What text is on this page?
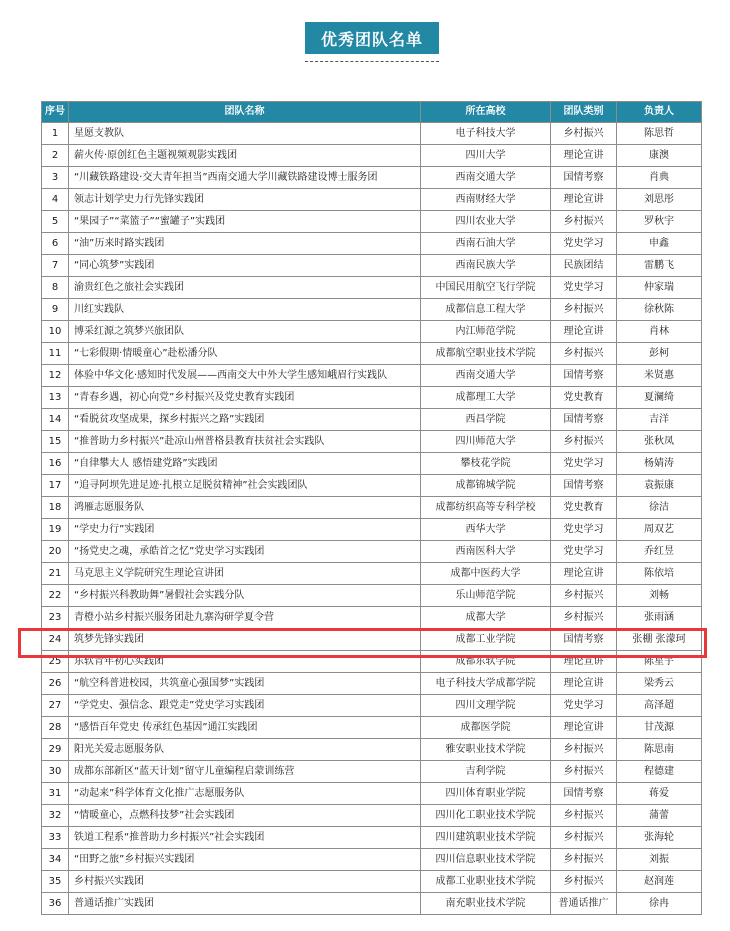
优秀团队名单
序号	团队名称	所在高校	团队类别	负责人
1	星愿支教队	电子科技大学	乡村振兴	陈思哲
2	薪火传·原创红色主题视频观影实践团	四川大学	理论宣讲	康澳
3	“川藏铁路建设·交大青年担当”西南交通大学川藏铁路建设博士服务团	西南交通大学	国情考察	肖典
4	领志计划学史力行先锋实践团	西南财经大学	理论宣讲	刘思彤
5	“果园子”“菜篮子”“蜜罐子”实践团	四川农业大学	乡村振兴	罗秋宇
6	“油”历来时路实践团	西南石油大学	党史学习	申鑫
7	“同心筑梦”实践团	西南民族大学	民族团结	雷鹏飞
8	渝贵红色之旅社会实践团	中国民用航空飞行学院	党史学习	仲家瑞
9	川红实践队	成都信息工程大学	乡村振兴	徐秋陈
10	博采红源之筑梦兴旅团队	内江师范学院	理论宣讲	肖林
11	“七彩假期·情暖童心”赴松潘分队	成都航空职业技术学院	乡村振兴	彭柯
12	体验中华文化·感知时代发展——西南交大中外大学生感知峨眉行实践队	西南交通大学	国情考察	米贤惠
13	“青春乡遇，初心向党”乡村振兴及党史教育实践团	成都理工大学	党史教育	夏澜绮
14	“看脱贫攻坚成果，探乡村振兴之路”实践团	西昌学院	国情考察	吉洋
15	“推普助力乡村振兴”赴凉山州普格县教育扶贫社会实践队	四川师范大学	乡村振兴	张秋凤
16	“自律攀大人 感悟建党路”实践团	攀枝花学院	党史学习	杨婧涛
17	“追寻阿坝先进足迹·扎根立足脱贫精神”社会实践团队	成都锦城学院	国情考察	袁振康
18	鸿雁志愿服务队	成都纺织高等专科学校	党史教育	徐洁
19	“学史力行”实践团	西华大学	党史学习	周双艺
20	“扬党史之魂，承皓首之忆”党史学习实践团	西南医科大学	党史学习	乔红昱
21	马克思主义学院研究生理论宣讲团	成都中医药大学	理论宣讲	陈依培
22	“乡村振兴科教助舞”暑假社会实践分队	乐山师范学院	乡村振兴	刘畅
23	青橙小站乡村振兴服务团赴九寨沟研学夏令营	成都大学	乡村振兴	张雨涵
24	筑梦先锋实践团	成都工业学院	国情考察	张棚 张濛珂
25	东软青年初心实践团	成都东软学院	理论宣讲	陈星宇
26	“航空科普进校园，共筑童心强国梦”实践团	电子科技大学成都学院	理论宣讲	梁秀云
27	“学党史、强信念、跟党走”党史学习实践团	四川文理学院	党史学习	高泽超
28	“感悟百年党史 传承红色基因”通江实践团	成都医学院	理论宣讲	甘茂源
29	阳光关爱志愿服务队	雅安职业技术学院	乡村振兴	陈思南
30	成都东部新区“蓝天计划”留守儿童编程启蒙训练营	吉利学院	乡村振兴	程德建
31	“动起来”科学体育文化推广志愿服务队	四川体育职业学院	国情考察	蒋爱
32	“情暖童心，点燃科技梦”社会实践团	四川化工职业技术学院	乡村振兴	蒲蕾
33	铁道工程系“推普助力乡村振兴”社会实践团	四川建筑职业技术学院	乡村振兴	张海轮
34	“田野之旅”乡村振兴实践团	四川信息职业技术学院	乡村振兴	刘振
35	乡村振兴实践团	成都工业职业技术学院	乡村振兴	赵润莲
36	普通话推广实践团	南充职业技术学院	普通话推广	徐冉
